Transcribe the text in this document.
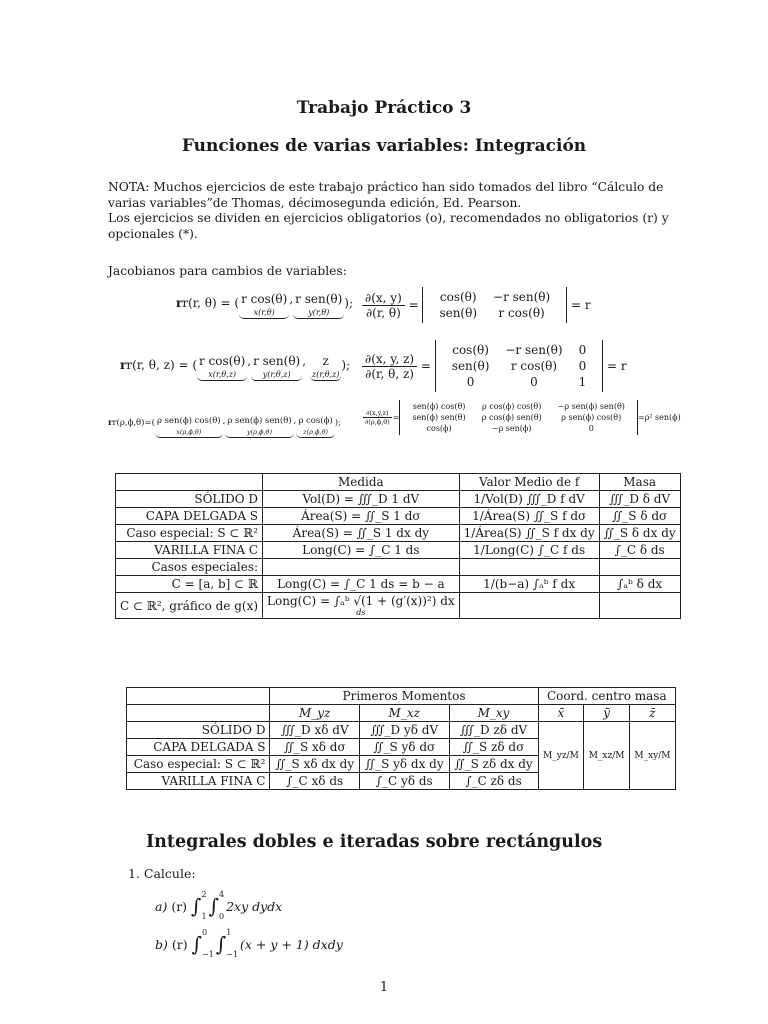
Trabajo Práctico 3
Funciones de varias variables: Integración
NOTA: Muchos ejercicios de este trabajo práctico han sido tomados del libro “Cálculo de varias variables”de Thomas, décimosegunda edición, Ed. Pearson.
Los ejercicios se dividen en ejercicios obligatorios (o), recomendados no obligatorios (r) y opcionales (*).
Jacobianos para cambios de variables:
rr(r, θ) = ( r cos(θ)
x(r,θ)
, r sen(θ)
y(r,θ)
); $\frac{\partial(x, y)}{\partial(r, \theta)}$ =
cos(θ)	−r sen(θ)
sen(θ)	r cos(θ)

= r
rr(r, θ, z) = ( r cos(θ)
x(r,θ,z)
, r sen(θ)
y(r,θ,z)
,	z
z(r,θ,z)
); $\frac{\partial(x, y, z)}{\partial(r, \theta, z)}$ =
cos(θ)	−r sen(θ)	0
sen(θ)	r cos(θ)	0
0	0	1

= r
rr(ρ,ϕ,θ)=( ρ sen(ϕ) cos(θ)
x(ρ,ϕ,θ)
, ρ sen(ϕ) sen(θ)
y(ρ,ϕ,θ)
, ρ cos(ϕ)
z(ρ,ϕ,θ)
);	$\frac{\partial(x,y,z)}{\partial(\rho,\phi,\theta)}$ =
sen(ϕ) cos(θ)	ρ cos(ϕ) cos(θ)	−ρ sen(ϕ) sen(θ)
sen(ϕ) sen(θ)	ρ cos(ϕ) sen(θ)	ρ sen(ϕ) cos(θ)
cos(ϕ)	−ρ sen(ϕ)	0
=ρ² sen(ϕ)
	Medida	Valor Medio de f	Masa
SÓLIDO D	Vol(D) = ∭_D 1 dV	1/Vol(D) ∭_D f dV	∭_D δ dV
CAPA DELGADA S	Área(S) = ∬_S 1 dσ	1/Área(S) ∬_S f dσ	∬_S δ dσ
Caso especial: S ⊂ ℝ²	Área(S) = ∬_S 1 dx dy	1/Área(S) ∬_S f dx dy	∬_S δ dx dy
VARILLA FINA C	Long(C) = ∫_C 1 ds	1/Long(C) ∫_C f ds	∫_C δ ds
Casos especiales:			
C = [a, b] ⊂ ℝ	Long(C) = ∫_C 1 ds = b − a	1/(b−a) ∫ₐᵇ f dx	∫ₐᵇ δ dx
C ⊂ ℝ², gráfico de g(x)	Long(C) = ∫ₐᵇ √(1 + (g′(x))²) dx
ds		

	Primeros Momentos			Coord. centro masa		
	M_yz	M_xz	M_xy	x̄	ȳ	z̄
SÓLIDO D	∭_D xδ dV	∭_D yδ dV	∭_D zδ dV	M_yz/M	M_xz/M	M_xy/M
CAPA DELGADA S	∬_S xδ dσ	∬_S yδ dσ	∬_S zδ dσ			
Caso especial: S ⊂ ℝ²	∬_S xδ dx dy	∬_S yδ dx dy	∬_S zδ dx dy			
VARILLA FINA C	∫_C xδ ds	∫_C yδ ds	∫_C zδ ds			
Integrales dobles e iteradas sobre rectángulos
1. Calcule:
a)
(r)
∫ 2
1 ∫ 4
0
2xy dydx
b)
(r)
∫ 0
−1 ∫ 1
−1
(x + y + 1) dxdy
1
